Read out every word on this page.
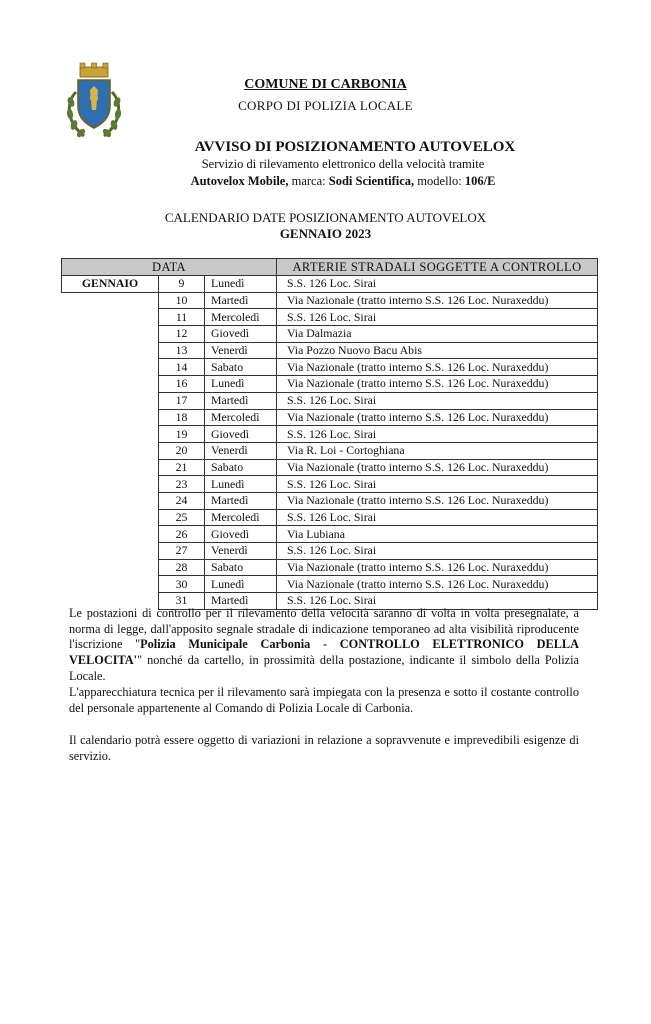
COMUNE DI CARBONIA
CORPO DI POLIZIA LOCALE
AVVISO DI POSIZIONAMENTO AUTOVELOX
Servizio di rilevamento elettronico della velocità tramite
Autovelox Mobile, marca: Sodi Scientifica, modello: 106/E
CALENDARIO DATE POSIZIONAMENTO AUTOVELOX
GENNAIO 2023
DATA			ARTERIE STRADALI SOGGETTE A CONTROLLO
GENNAIO	9	Lunedì	S.S. 126 Loc. Sirai
	10	Martedì	Via Nazionale (tratto interno S.S. 126 Loc. Nuraxeddu)
	11	Mercoledì	S.S. 126 Loc. Sirai
	12	Giovedì	Via Dalmazia
	13	Venerdì	Via Pozzo Nuovo Bacu Abis
	14	Sabato	Via Nazionale (tratto interno S.S. 126 Loc. Nuraxeddu)
	16	Lunedì	Via Nazionale (tratto interno S.S. 126 Loc. Nuraxeddu)
	17	Martedì	S.S. 126 Loc. Sirai
	18	Mercoledì	Via Nazionale (tratto interno S.S. 126 Loc. Nuraxeddu)
	19	Giovedì	S.S. 126 Loc. Sirai
	20	Venerdì	Via R. Loi - Cortoghiana
	21	Sabato	Via Nazionale (tratto interno S.S. 126 Loc. Nuraxeddu)
	23	Lunedì	S.S. 126 Loc. Sirai
	24	Martedì	Via Nazionale (tratto interno S.S. 126 Loc. Nuraxeddu)
	25	Mercoledì	S.S. 126 Loc. Sirai
	26	Giovedì	Via Lubiana
	27	Venerdì	S.S. 126 Loc. Sirai
	28	Sabato	Via Nazionale (tratto interno S.S. 126 Loc. Nuraxeddu)
	30	Lunedì	Via Nazionale (tratto interno S.S. 126 Loc. Nuraxeddu)
	31	Martedì	S.S. 126 Loc. Sirai
Le postazioni di controllo per il rilevamento della velocità saranno di volta in volta presegnalate, a norma di legge, dall'apposito segnale stradale di indicazione temporaneo ad alta visibilità riproducente l'iscrizione "Polizia Municipale Carbonia - CONTROLLO ELETTRONICO DELLA VELOCITA'" nonché da cartello, in prossimità della postazione, indicante il simbolo della Polizia Locale.
L'apparecchiatura tecnica per il rilevamento sarà impiegata con la presenza e sotto il costante controllo del personale appartenente al Comando di Polizia Locale di Carbonia.
Il calendario potrà essere oggetto di variazioni in relazione a sopravvenute e imprevedibili esigenze di servizio.
